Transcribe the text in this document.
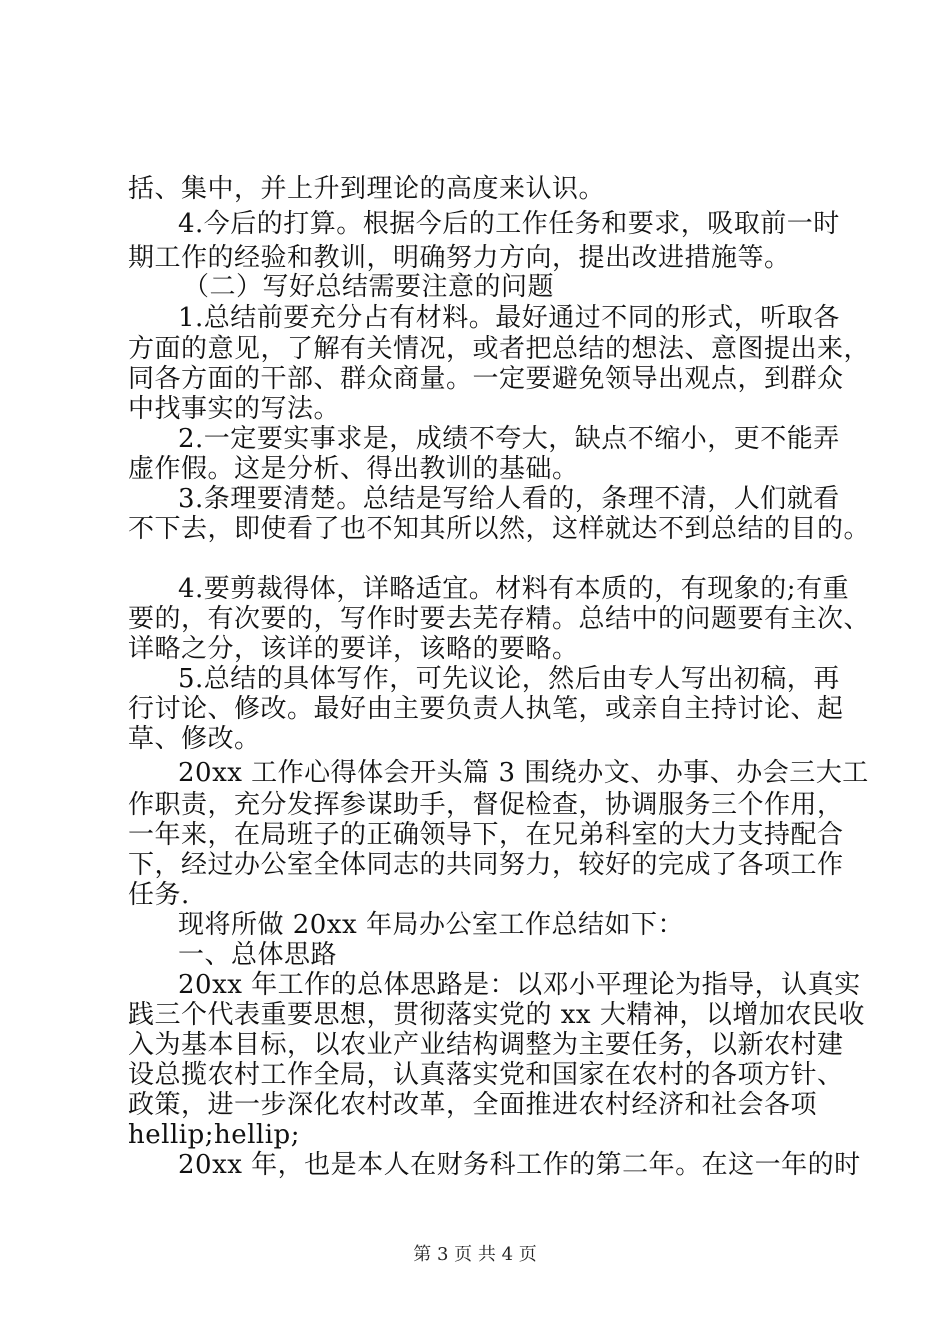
括、集中，并上升到理论的高度来认识。
4.今后的打算。根据今后的工作任务和要求，吸取前一时
期工作的经验和教训，明确努力方向，提出改进措施等。
（二）写好总结需要注意的问题
1.总结前要充分占有材料。最好通过不同的形式，听取各
方面的意见，了解有关情况，或者把总结的想法、意图提出来，
同各方面的干部、群众商量。一定要避免领导出观点，到群众
中找事实的写法。
2.一定要实事求是，成绩不夸大，缺点不缩小，更不能弄
虚作假。这是分析、得出教训的基础。
3.条理要清楚。总结是写给人看的，条理不清，人们就看
不下去，即使看了也不知其所以然，这样就达不到总结的目的。
4.要剪裁得体，详略适宜。材料有本质的，有现象的;有重
要的，有次要的，写作时要去芜存精。总结中的问题要有主次、
详略之分，该详的要详，该略的要略。
5.总结的具体写作，可先议论，然后由专人写出初稿，再
行讨论、修改。最好由主要负责人执笔，或亲自主持讨论、起
草、修改。
20xx 工作心得体会开头篇 3 围绕办文、办事、办会三大工
作职责，充分发挥参谋助手，督促检查，协调服务三个作用，
一年来，在局班子的正确领导下，在兄弟科室的大力支持配合
下，经过办公室全体同志的共同努力，较好的完成了各项工作
任务.
现将所做 20xx 年局办公室工作总结如下：
一、总体思路
20xx 年工作的总体思路是：以邓小平理论为指导，认真实
践三个代表重要思想，贯彻落实党的 xx 大精神，以增加农民收
入为基本目标，以农业产业结构调整为主要任务，以新农村建
设总揽农村工作全局，认真落实党和国家在农村的各项方针、
政策，进一步深化农村改革，全面推进农村经济和社会各项
hellip;hellip;
20xx 年，也是本人在财务科工作的第二年。在这一年的时
第 3 页 共 4 页
